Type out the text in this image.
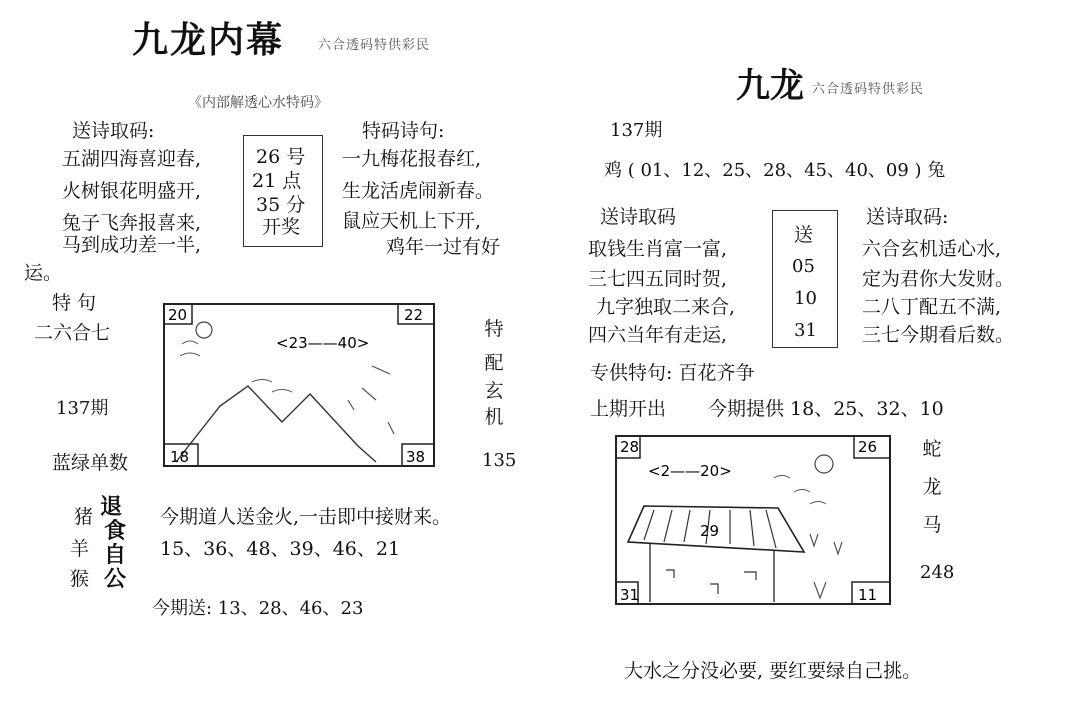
九龙内幕	六合透码特供彩民
《内部解透心水特码》
送诗取码:
五湖四海喜迎春,
火树银花明盛开,
兔子飞奔报喜来,
马到成功差一半,
26 号
21 点
35 分
开奖
特码诗句:
一九梅花报春红,
生龙活虎闹新春。
鼠应天机上下开,
鸡年一过有好
运。
特 句
二六合七
137期
蓝绿单数
20	22
18	38
<23——40>
特
配
玄
机
135
猪
羊
猴
退
食
自
公
今期道人送金火,一击即中接财来。
15、36、48、39、46、21
今期送: 13、28、46、23
九龙 六合透码特供彩民
137期
鸡 ( 01、12、25、28、45、40、09 ) 兔
送诗取码
取钱生肖富一富,
三七四五同时贺,
九字独取二来合,
四六当年有走运,
送
05
10
31
送诗取码:
六合玄机适心水,
定为君你大发财。
二八丁配五不满,
三七今期看后数。
专供特句: 百花齐争
上期开出 今期提供 18、25、32、10
28	26
31	11
<2——20>
29
蛇
龙
马
248
大水之分没必要, 要红要绿自己挑。
